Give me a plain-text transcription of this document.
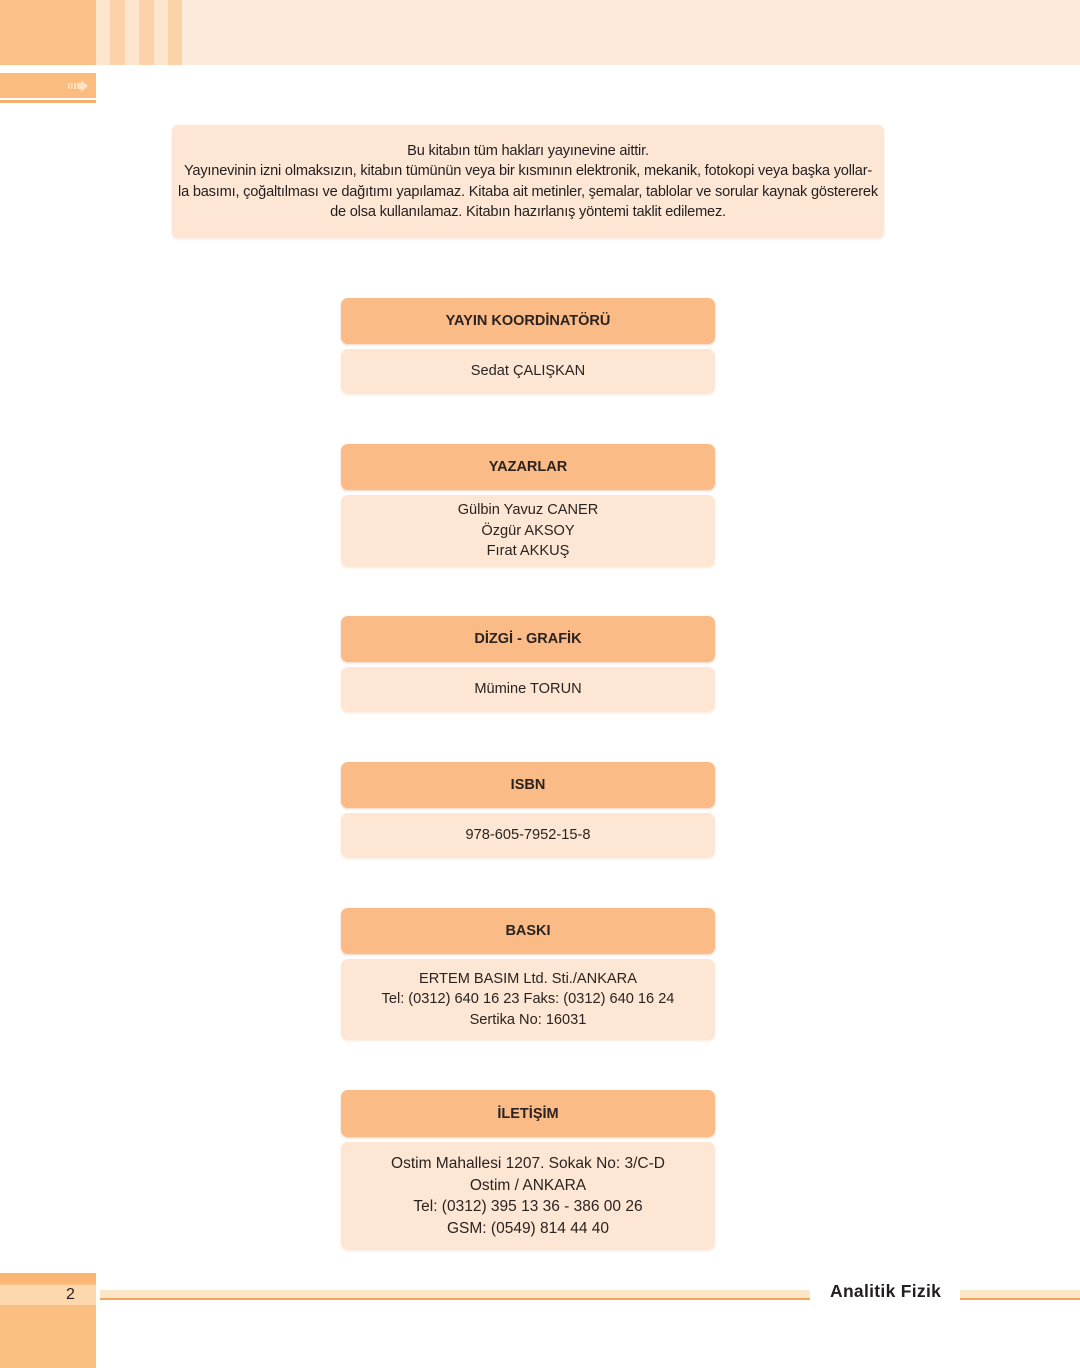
Bu kitabın tüm hakları yayınevine aittir.

Yayınevinin izni olmaksızın, kitabın tümünün veya bir kısmının elektronik, mekanik, fotokopi veya başka yollar-

la basımı, çoğaltılması ve dağıtımı yapılamaz. Kitaba ait metinler, şemalar, tablolar ve sorular kaynak göstererek

de olsa kullanılamaz. Kitabın hazırlanış yöntemi taklit edilemez.

YAYIN KOORDİNATÖRÜ
Sedat ÇALIŞKAN
YAZARLAR
Gülbin Yavuz CANER
Özgür AKSOY
Fırat AKKUŞ
DİZGİ - GRAFİK
Mümine TORUN
ISBN
978-605-7952-15-8
BASKI
ERTEM BASIM Ltd. Sti./ANKARA
Tel: (0312) 640 16 23 Faks: (0312) 640 16 24
Sertika No: 16031
İLETİŞİM
Ostim Mahallesi 1207. Sokak No: 3/C-D
Ostim / ANKARA
Tel: (0312) 395 13 36 - 386 00 26
GSM: (0549) 814 44 40
2	Analitik Fizik
